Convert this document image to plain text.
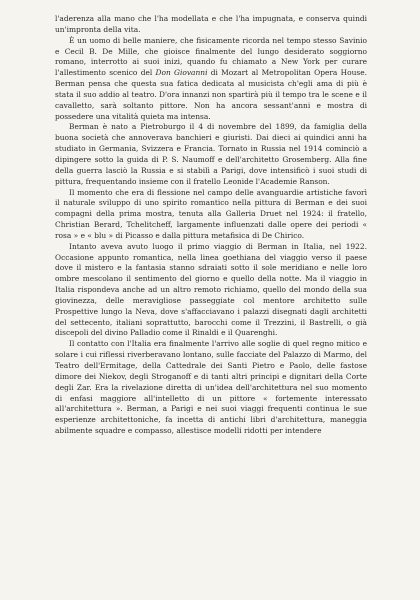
l'aderenza alla mano che l'ha modellata e che l'ha impugnata, e conserva quindi un'impronta della vita.

È un uomo di belle maniere, che fisicamente ricorda nel tempo stesso Savinio e Cecil B. De Mille, che gioisce finalmente del lungo desiderato soggiorno romano, interrotto ai suoi inizi, quando fu chiamato a New York per curare l'allestimento scenico del Don Giovanni di Mozart al Metropolitan Opera House. Berman pensa che questa sua fatica dedicata al musicista ch'egli ama di più è stata il suo addio al teatro. D'ora innanzi non spartirà più il tempo tra le scene e il cavalletto, sarà soltanto pittore. Non ha ancora sessant'anni e mostra di possedere una vitalità quieta ma intensa.

Berman è nato a Pietroburgo il 4 di novembre del 1899, da famiglia della buona società che annoverava banchieri e giuristi. Dai dieci ai quindici anni ha studiato in Germania, Svizzera e Francia. Tornato in Russia nel 1914 cominciò a dipingere sotto la guida di P. S. Naumoff e dell'architetto Grosemberg. Alla fine della guerra lasciò la Russia e si stabilì a Parigi, dove intensificò i suoi studi di pittura, frequentando insieme con il fratello Leonide l'Academie Ranson.

Il momento che era di flessione nel campo delle avanguardie artistiche favorì il naturale sviluppo di uno spirito romantico nella pittura di Berman e dei suoi compagni della prima mostra, tenuta alla Galleria Druet nel 1924: il fratello, Christian Berard, Tchelitcheff, largamente influenzati dalle opere dei periodi « rosa » e « blu » di Picasso e dalla pittura metafisica di De Chirico.

Intanto aveva avuto luogo il primo viaggio di Berman in Italia, nel 1922. Occasione appunto romantica, nella linea goethiana del viaggio verso il paese dove il mistero e la fantasia stanno sdraiati sotto il sole meridiano e nelle loro ombre mescolano il sentimento del giorno e quello della notte. Ma il viaggio in Italia rispondeva anche ad un altro remoto richiamo, quello del mondo della sua giovinezza, delle meravigliose passeggiate col mentore architetto sulle Prospettive lungo la Neva, dove s'affacciavano i palazzi disegnati dagli architetti del settecento, italiani soprattutto, barocchi come il Trezzini, il Bastrelli, o già discepoli del divino Palladio come il Rinaldi e il Quarenghi.

Il contatto con l'Italia era finalmente l'arrivo alle soglie di quel regno mitico e solare i cui riflessi riverberavano lontano, sulle facciate del Palazzo di Marmo, del Teatro dell'Ermitage, della Cattedrale dei Santi Pietro e Paolo, delle fastose dimore dei Niekov, degli Stroganoff e di tanti altri principi e dignitari della Corte degli Zar. Era la rivelazione diretta di un'idea dell'architettura nel suo momento di enfasi maggiore all'intelletto di un pittore « fortemente interessato all'architettura ». Berman, a Parigi e nei suoi viaggi frequenti continua le sue esperienze architettoniche, fa incetta di antichi libri d'architettura, maneggia abilmente squadre e compasso, allestisce modelli ridotti per intendere
